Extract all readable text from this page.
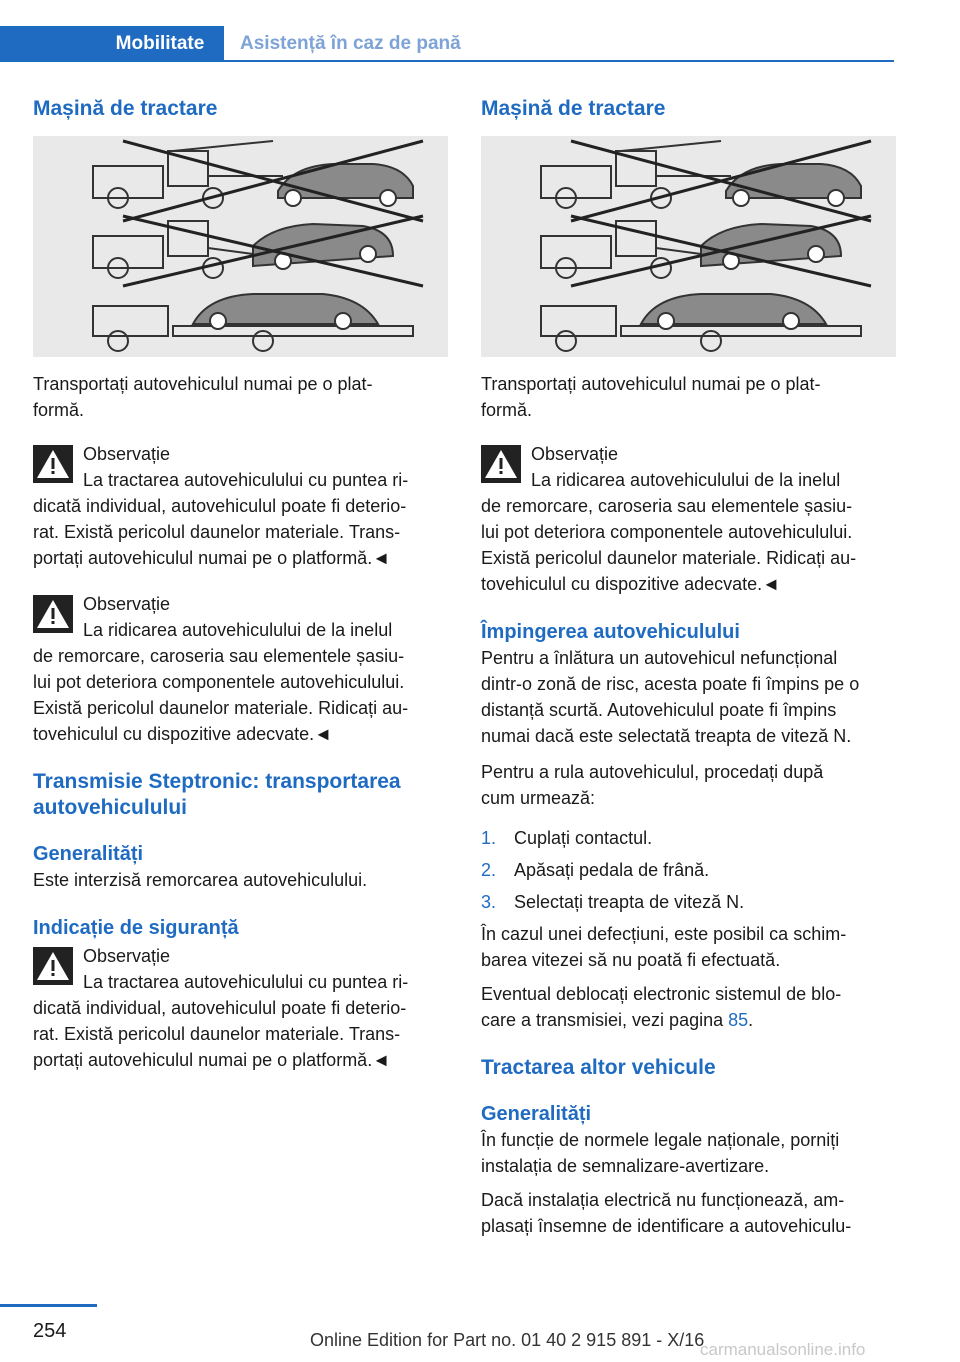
Mobilitate	Asistență în caz de pană
Mașină de tractare
Transportați autovehiculul numai pe o plat-
formă.
Observație
La tractarea autovehiculului cu puntea ri-
dicată individual, autovehiculul poate fi deterio-
rat. Există pericolul daunelor materiale. Trans-
portați autovehiculul numai pe o platformă.◄
Observație
La ridicarea autovehiculului de la inelul
de remorcare, caroseria sau elementele șasiu-
lui pot deteriora componentele autovehiculului.
Există pericolul daunelor materiale. Ridicați au-
tovehiculul cu dispozitive adecvate.◄
Transmisie Steptronic: transportarea
autovehiculului
Generalități
Este interzisă remorcarea autovehiculului.
Indicație de siguranță
Observație
La tractarea autovehiculului cu puntea ri-
dicată individual, autovehiculul poate fi deterio-
rat. Există pericolul daunelor materiale. Trans-
portați autovehiculul numai pe o platformă.◄
Mașină de tractare
Transportați autovehiculul numai pe o plat-
formă.
Observație
La ridicarea autovehiculului de la inelul
de remorcare, caroseria sau elementele șasiu-
lui pot deteriora componentele autovehiculului.
Există pericolul daunelor materiale. Ridicați au-
tovehiculul cu dispozitive adecvate.◄
Împingerea autovehiculului
Pentru a înlătura un autovehicul nefuncțional
dintr-o zonă de risc, acesta poate fi împins pe o
distanță scurtă. Autovehiculul poate fi împins
numai dacă este selectată treapta de viteză N.
Pentru a rula autovehiculul, procedați după
cum urmează:
1. Cuplați contactul.
2. Apăsați pedala de frână.
3. Selectați treapta de viteză N.
În cazul unei defecțiuni, este posibil ca schim-
barea vitezei să nu poată fi efectuată.
Eventual deblocați electronic sistemul de blo-
care a transmisiei, vezi pagina 85.
Tractarea altor vehicule
Generalități
În funcție de normele legale naționale, porniți
instalația de semnalizare-avertizare.
Dacă instalația electrică nu funcționează, am-
plasați însemne de identificare a autovehiculu-
254	Online Edition for Part no. 01 40 2 915 891 - X/16
carmanualsonline.info
